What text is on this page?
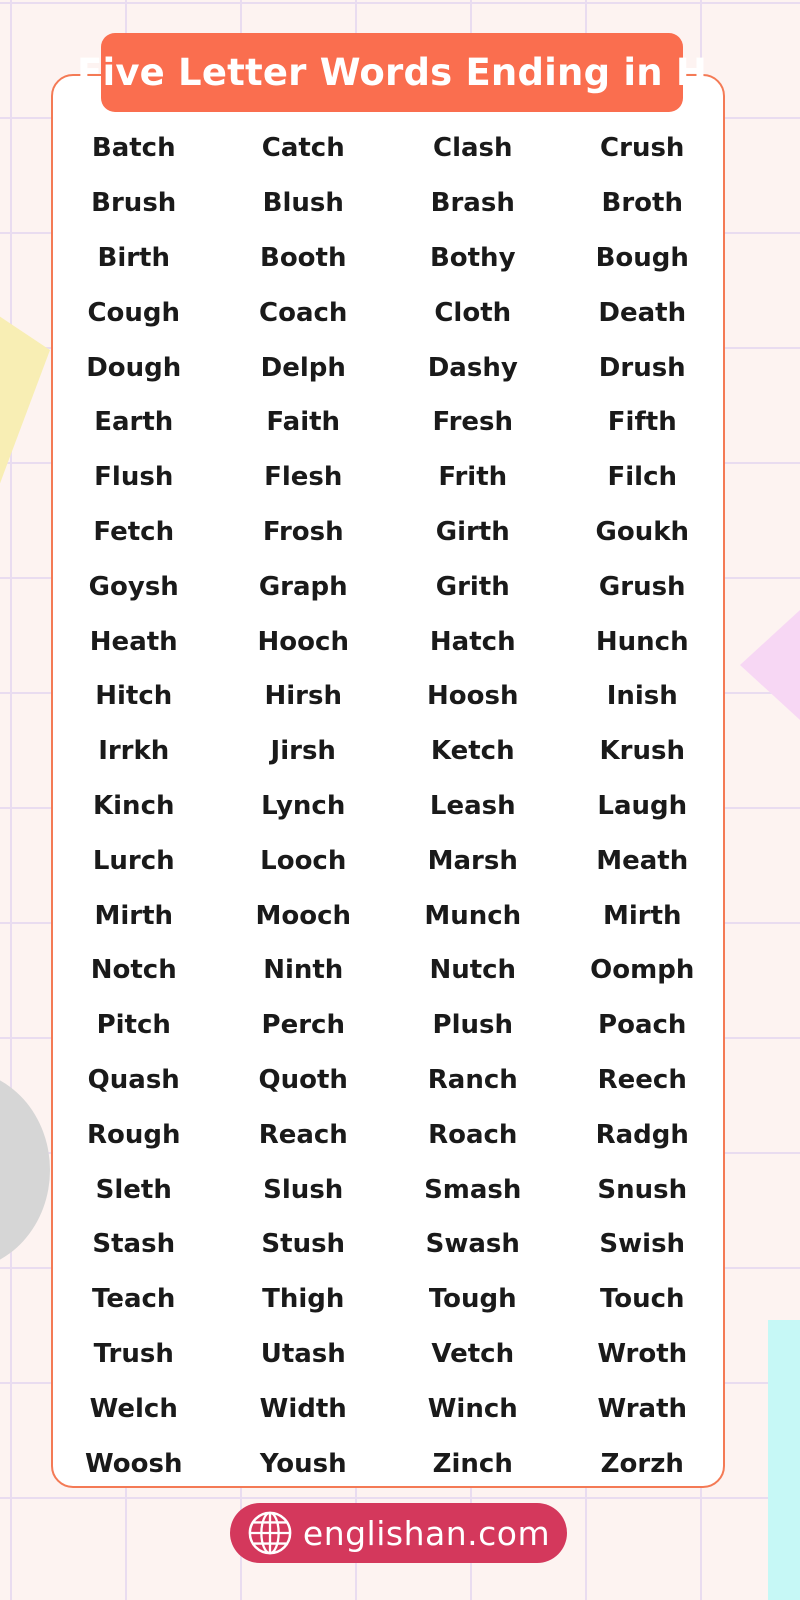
Five Letter Words Ending in H
Batch	Catch	Clash	Crush
Brush	Blush	Brash	Broth
Birth	Booth	Bothy	Bough
Cough	Coach	Cloth	Death
Dough	Delph	Dashy	Drush
Earth	Faith	Fresh	Fifth
Flush	Flesh	Frith	Filch
Fetch	Frosh	Girth	Goukh
Goysh	Graph	Grith	Grush
Heath	Hooch	Hatch	Hunch
Hitch	Hirsh	Hoosh	Inish
Irrkh	Jirsh	Ketch	Krush
Kinch	Lynch	Leash	Laugh
Lurch	Looch	Marsh	Meath
Mirth	Mooch	Munch	Mirth
Notch	Ninth	Nutch	Oomph
Pitch	Perch	Plush	Poach
Quash	Quoth	Ranch	Reech
Rough	Reach	Roach	Radgh
Sleth	Slush	Smash	Snush
Stash	Stush	Swash	Swish
Teach	Thigh	Tough	Touch
Trush	Utash	Vetch	Wroth
Welch	Width	Winch	Wrath
Woosh	Yoush	Zinch	Zorzh
englishan.com
